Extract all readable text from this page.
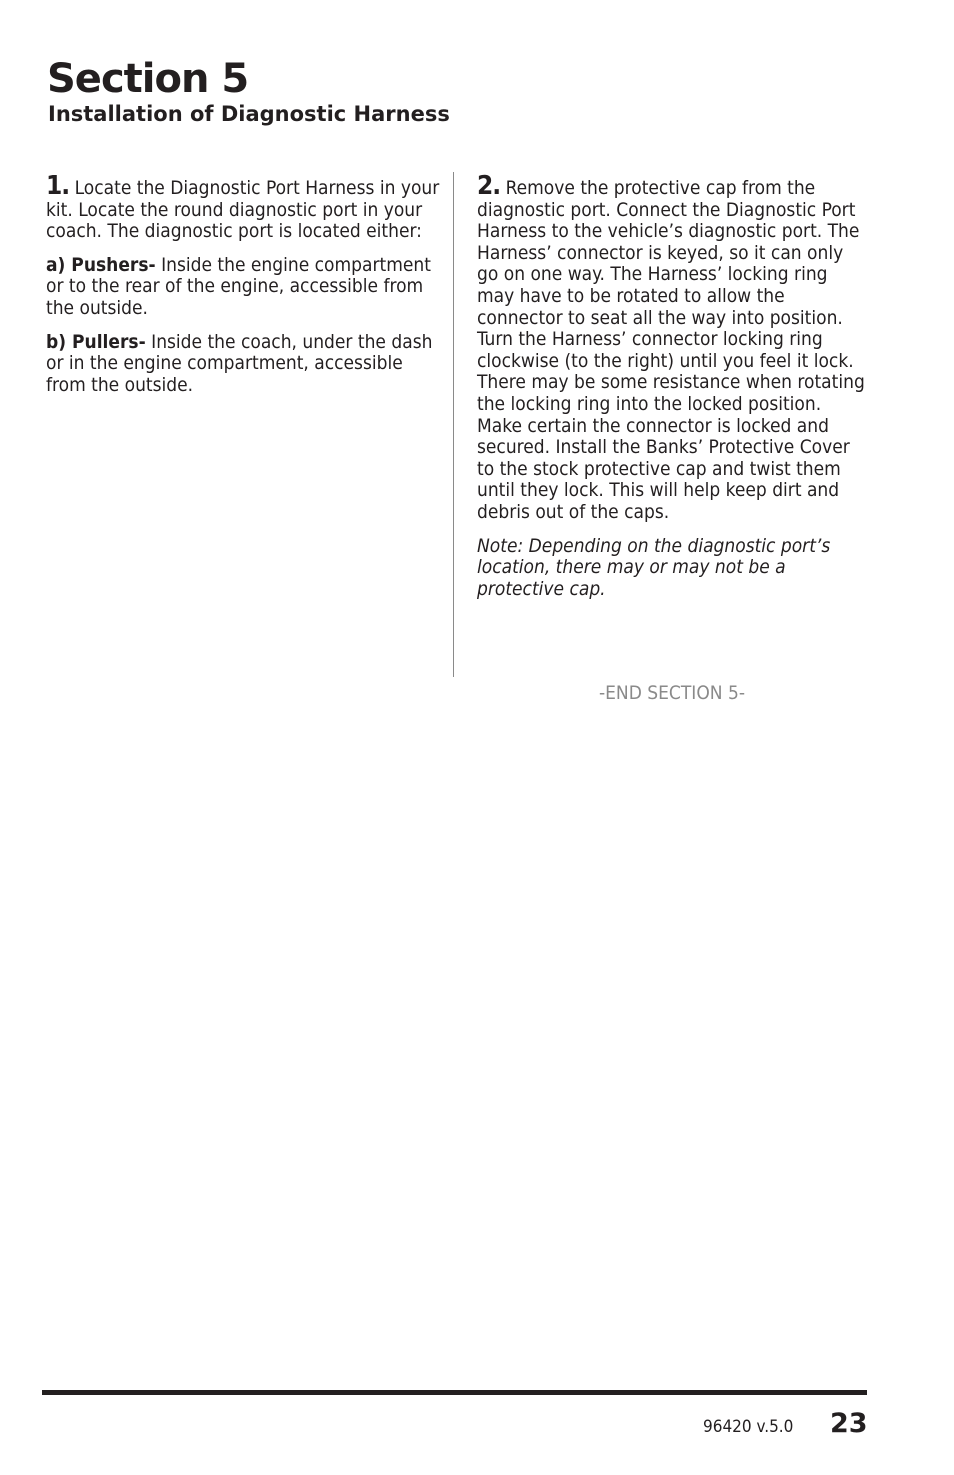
Section 5
Installation of Diagnostic Harness

1. Locate the Diagnostic Port Harness in your kit. Locate the round diagnostic port in your coach. The diagnostic port is located either:

a) Pushers- Inside the engine compartment or to the rear of the engine, accessible from the outside.

b) Pullers- Inside the coach, under the dash or in the engine compartment, accessible from the outside.

2. Remove the protective cap from the diagnostic port. Connect the Diagnostic Port Harness to the vehicle’s diagnostic port. The Harness’ connector is keyed, so it can only go on one way. The Harness’ locking ring may have to be rotated to allow the connector to seat all the way into position. Turn the Harness’ connector locking ring clockwise (to the right) until you feel it lock. There may be some resistance when rotating the locking ring into the locked position. Make certain the connector is locked and secured. Install the Banks’ Protective Cover to the stock protective cap and twist them until they lock. This will help keep dirt and debris out of the caps.

Note: Depending on the diagnostic port’s location, there may or may not be a protective cap.

-END SECTION 5-
96420 v.5.0 23
